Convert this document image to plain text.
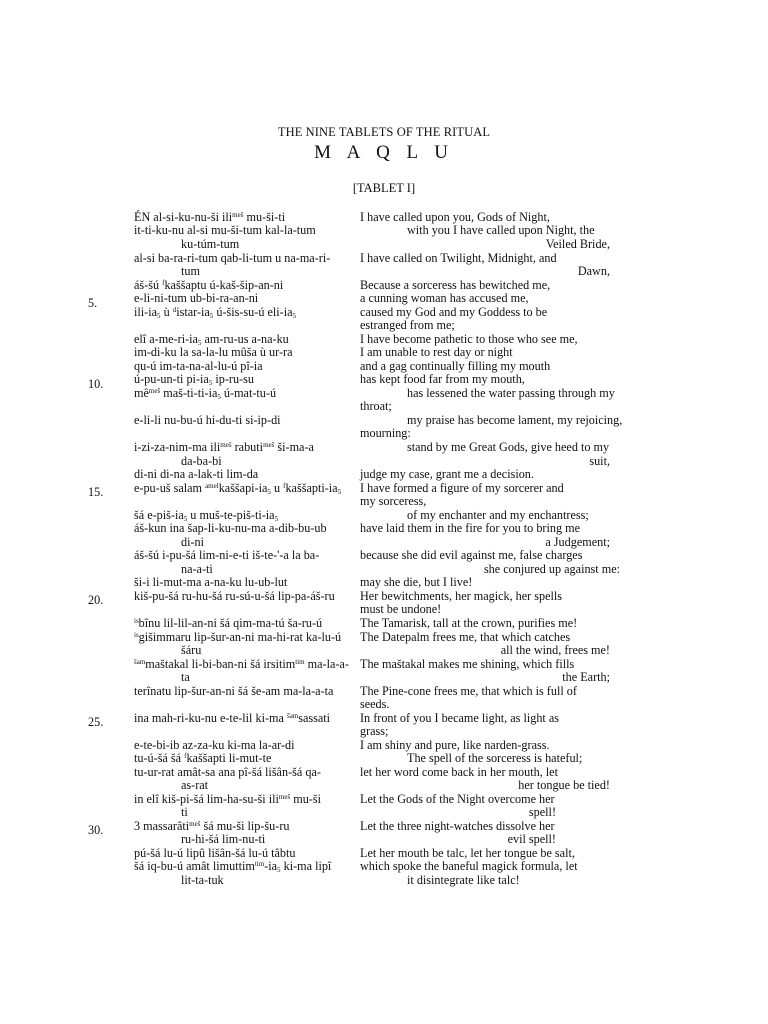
THE NINE TABLETS OF THE RITUAL
M A Q L U
[TABLET I]
5.
10.
15.
20.
25.
30.
ÉN al-si-ku-nu-ši ili$^{meš}$ mu-ši-ti
it-ti-ku-nu al-si mu-ši-tum kal-la-tum
ku-túm-tum
al-si ba-ra-ri-tum qab-li-tum u na-ma-ri-
tum
áš-šú $^f$kaššaptu ú-kaš-šip-an-ni
e-li-ni-tum ub-bi-ra-an-ni
ili-$ia_5$ ù $^distar-ia_5$ ú-šis-su-ú eli-$ia_5$
elî $a-me-ri-ia_5$ am-ru-us a-na-ku
im-di-ku la sa-la-lu mûša ù ur-ra
qu-ú im-ta-na-al-lu-ú pî-ia
ú-pu-un-ti $pi-ia_5$ ip-ru-su
$mê^{meš}$ maš-$ti-ti-ia_5$ ú-mat-tu-ú
e-li-li nu-bu-ú hi-du-ti si-ip-di
i-zi-za-nim-ma ili$^{meš}$ rabuti$^{meš}$ ši-ma-a
da-ba-bi
di-ni di-na a-lak-ti lim-da
e-pu-uš salam $^{amel}kaššapi-ia_5$ u $^fkaššapti-ia_5$
šá $e-piš-ia_5$ u muš-$te-piš-ti-ia_5$
áš-kun ina šap-li-ku-nu-ma a-dib-bu-ub
di-ni
áš-šú i-pu-šá lim-ni-e-ti iš-te-'-a la ba-
na-a-ti
ši-i li-mut-ma a-na-ku lu-ub-lut
kiš-pu-šá ru-hu-šá ru-sú-u-šá lip-pa-áš-ru
$^{is}$bînu lil-lil-an-ni šá qim-ma-tú ša-ru-ú
$^{is}$gišimmaru lip-šur-an-ni ma-hi-rat ka-lu-ú
šáru
$^{šam}$maštakal li-bi-ban-ni šá irsitim$^{tim}$ ma-la-a-
ta
terînatu lip-šur-an-ni šá še-am ma-la-a-ta
ina mah-ri-ku-nu e-te-lil ki-ma $^{šam}$sassati
e-te-bi-ib az-za-ku ki-ma la-ar-di
tu-ú-šá šá $^f$kaššapti li-mut-te
tu-ur-rat amât-sa ana pî-šá lišân-šá qa-
as-rat
in elî kiš-pi-šá lim-ha-su-ši ili$^{meš}$ mu-ši
ti
3 massarâti$^{meš}$ šá mu-ši lip-šu-ru
ru-hi-šá lim-nu-ti
pú-šá lu-ú lipû lišân-šá lu-ú tâbtu
šá iq-bu-ú amât $limuttim^{tim}-ia_5$ ki-ma lipî
lit-ta-tuk
I have called upon you, Gods of Night,
with you I have called upon Night, the
Veiled Bride,
I have called on Twilight, Midnight, and
Dawn,
Because a sorceress has bewitched me,
a cunning woman has accused me,
caused my God and my Goddess to be
estranged from me;
I have become pathetic to those who see me,
I am unable to rest day or night
and a gag continually filling my mouth
has kept food far from my mouth,
has lessened the water passing through my
throat;
my praise has become lament, my rejoicing,
mourning:
stand by me Great Gods, give heed to my
suit,
judge my case, grant me a decision.
I have formed a figure of my sorcerer and
my sorceress,
of my enchanter and my enchantress;
have laid them in the fire for you to bring me
a Judgement;
because she did evil against me, false charges
she conjured up against me:
may she die, but I live!
Her bewitchments, her magick, her spells
must be undone!
The Tamarisk, tall at the crown, purifies me!
The Datepalm frees me, that which catches
all the wind, frees me!
The maštakal makes me shining, which fills
the Earth;
The Pine-cone frees me, that which is full of
seeds.
In front of you I became light, as light as
grass;
I am shiny and pure, like narden-grass.
The spell of the sorceress is hateful;
let her word come back in her mouth, let
her tongue be tied!
Let the Gods of the Night overcome her
spell!
Let the three night-watches dissolve her
evil spell!
Let her mouth be talc, let her tongue be salt,
which spoke the baneful magick formula, let
it disintegrate like talc!
